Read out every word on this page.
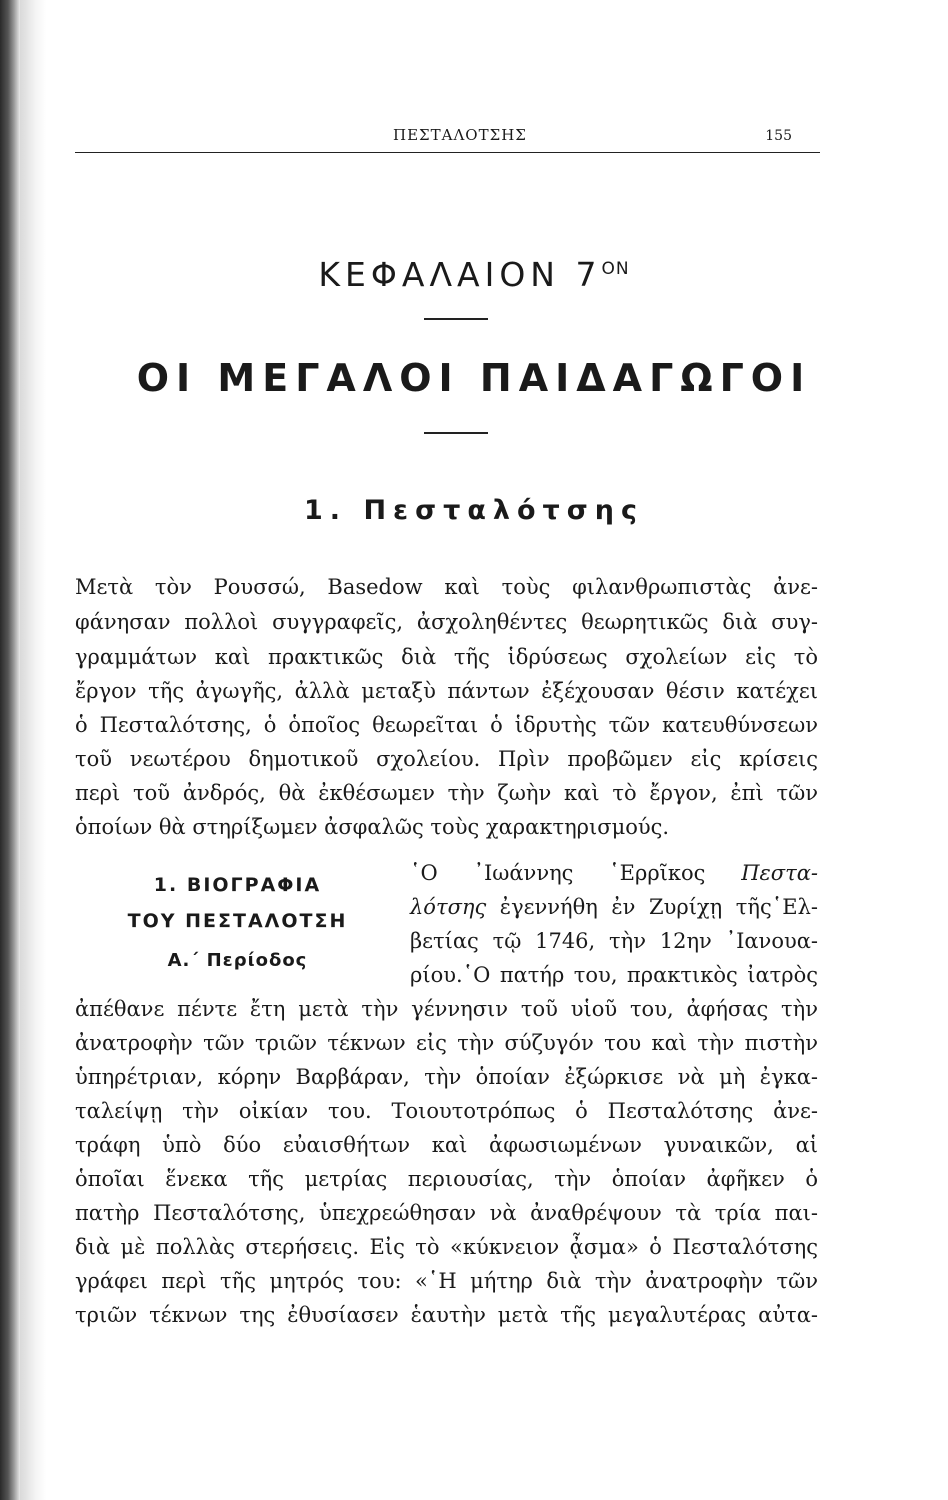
ΠΕΣΤΑΛΟΤΣΗΣ	155
ΚΕΦΑΛΑΙΟΝ $7^{ON}$
ΟΙ ΜΕΓΑΛΟΙ ΠΑΙΔΑΓΩΓΟΙ
1. Πεσταλότσης
Μετὰ τὸν Ρουσσώ, Basedow καὶ τοὺς φιλανθρωπιστὰς ἀνε-
φάνησαν πολλοὶ συγγραφεῖς, ἀσχοληθέντες θεωρητικῶς διὰ συγ-
γραμμάτων καὶ πρακτικῶς διὰ τῆς ἱδρύσεως σχολείων εἰς τὸ
ἔργον τῆς ἀγωγῆς, ἀλλὰ μεταξὺ πάντων ἐξέχουσαν θέσιν κατέχει
ὁ Πεσταλότσης, ὁ ὁποῖος θεωρεῖται ὁ ἱδρυτὴς τῶν κατευθύνσεων
τοῦ νεωτέρου δημοτικοῦ σχολείου. Πρὶν προβῶμεν εἰς κρίσεις
περὶ τοῦ ἀνδρός, θὰ ἐκθέσωμεν τὴν ζωὴν καὶ τὸ ἔργον, ἐπὶ τῶν
ὁποίων θὰ στηρίξωμεν ἀσφαλῶς τοὺς χαρακτηρισμούς.
1. ΒΙΟΓΡΑΦΙΑ
ΤΟΥ ΠΕΣΤΑΛΟΤΣΗ
Α.΄ Περίοδος
῾Ο ᾿Ιωάννης ῾Ερρῖκος Πεστα-
λότσης ἐγεννήθη ἐν Ζυρίχῃ τῆς῾Ελ-
βετίας τῷ 1746, τὴν 12ην ᾿Ιανουα-
ρίου.῾Ο πατήρ του, πρακτικὸς ἰατρὸς
ἀπέθανε πέντε ἔτη μετὰ τὴν γέννησιν τοῦ υἱοῦ του, ἀφήσας τὴν
ἀνατροφὴν τῶν τριῶν τέκνων εἰς τὴν σύζυγόν του καὶ τὴν πιστὴν
ὑπηρέτριαν, κόρην Βαρβάραν, τὴν ὁποίαν ἐξώρκισε νὰ μὴ ἐγκα-
ταλείψῃ τὴν οἰκίαν του. Τοιουτοτρόπως ὁ Πεσταλότσης ἀνε-
τράφη ὑπὸ δύο εὐαισθήτων καὶ ἀφωσιωμένων γυναικῶν, αἱ
ὁποῖαι ἕνεκα τῆς μετρίας περιουσίας, τὴν ὁποίαν ἀφῆκεν ὁ
πατὴρ Πεσταλότσης, ὑπεχρεώθησαν νὰ ἀναθρέψουν τὰ τρία παι-
διὰ μὲ πολλὰς στερήσεις. Εἰς τὸ «κύκνειον ᾆσμα» ὁ Πεσταλότσης
γράφει περὶ τῆς μητρός του: «῾Η μήτηρ διὰ τὴν ἀνατροφὴν τῶν
τριῶν τέκνων της ἐθυσίασεν ἑαυτὴν μετὰ τῆς μεγαλυτέρας αὐτα-
